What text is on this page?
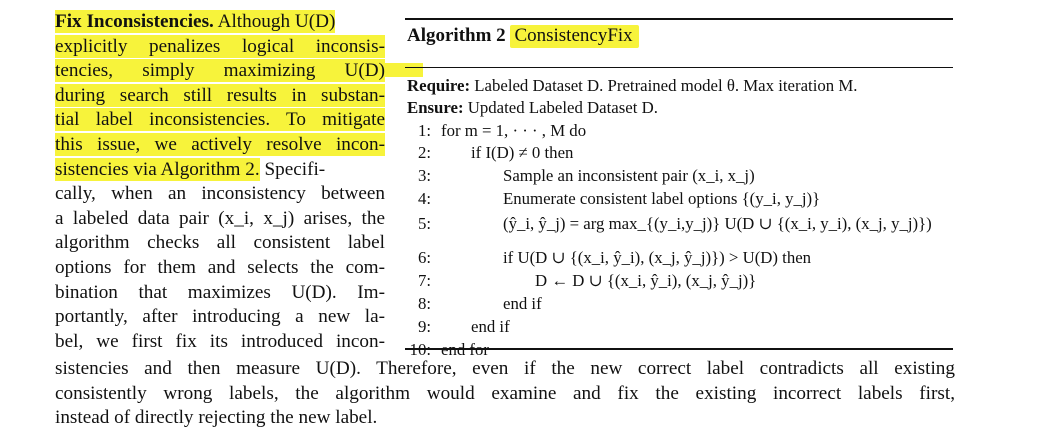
Fix Inconsistencies. Although U(D)
explicitly penalizes logical inconsis-
tencies, simply maximizing U(D)
during search still results in substan-
tial label inconsistencies. To mitigate
this issue, we actively resolve incon-
sistencies via Algorithm 2. Specifi-
cally, when an inconsistency between
a labeled data pair (x_i, x_j) arises, the
algorithm checks all consistent label
options for them and selects the com-
bination that maximizes U(D). Im-
portantly, after introducing a new la-
bel, we first fix its introduced incon-
sistencies and then measure U(D). Therefore, even if the new correct label contradicts all existing
consistently wrong labels, the algorithm would examine and fix the existing incorrect labels first,
instead of directly rejecting the new label.
Algorithm 2 ConsistencyFix
Require: Labeled Dataset D. Pretrained model θ. Max iteration M.
Ensure: Updated Labeled Dataset D.
1: for m = 1, · · · , M do
2: if I(D) ≠ 0 then
3:	Sample an inconsistent pair (x_i, x_j)
4:	Enumerate consistent label options {(y_i, y_j)}
5:	(ŷ_i, ŷ_j) = arg max_{(y_i,y_j)} U(D ∪ {(x_i, y_i), (x_j, y_j)})
6:	if U(D ∪ {(x_i, ŷ_i), (x_j, ŷ_j)}) > U(D) then
7:	D ← D ∪ {(x_i, ŷ_i), (x_j, ŷ_j)}
8:	end if
9: end if
